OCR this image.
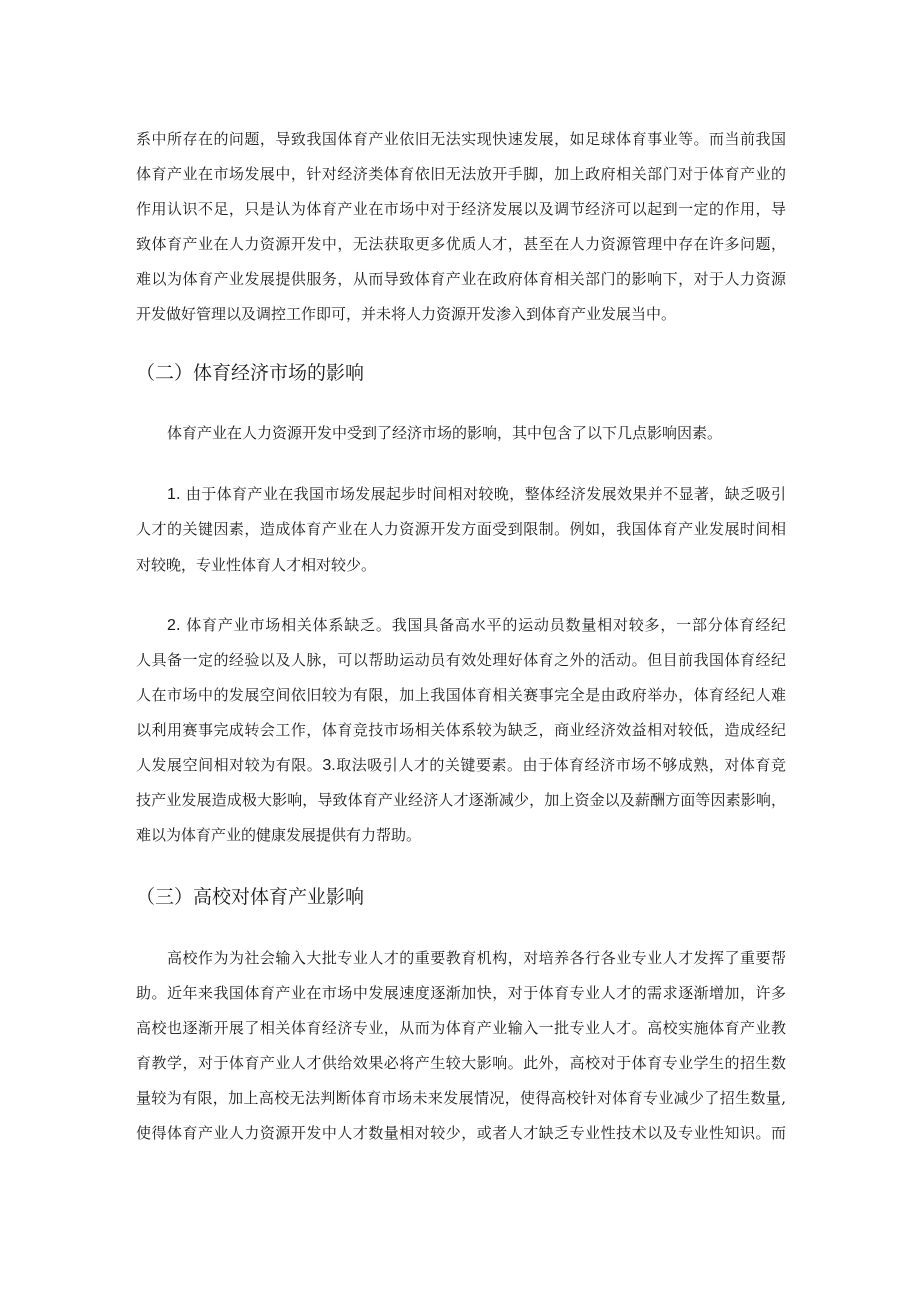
系中所存在的问题，导致我国体育产业依旧无法实现快速发展，如足球体育事业等。而当前我国
体育产业在市场发展中，针对经济类体育依旧无法放开手脚，加上政府相关部门对于体育产业的
作用认识不足，只是认为体育产业在市场中对于经济发展以及调节经济可以起到一定的作用，导
致体育产业在人力资源开发中，无法获取更多优质人才，甚至在人力资源管理中存在许多问题，
难以为体育产业发展提供服务，从而导致体育产业在政府体育相关部门的影响下，对于人力资源
开发做好管理以及调控工作即可，并未将人力资源开发渗入到体育产业发展当中。
（二）体育经济市场的影响
体育产业在人力资源开发中受到了经济市场的影响，其中包含了以下几点影响因素。
1. 由于体育产业在我国市场发展起步时间相对较晚，整体经济发展效果并不显著，缺乏吸引
人才的关键因素，造成体育产业在人力资源开发方面受到限制。例如，我国体育产业发展时间相
对较晚，专业性体育人才相对较少。
2. 体育产业市场相关体系缺乏。我国具备高水平的运动员数量相对较多，一部分体育经纪
人具备一定的经验以及人脉，可以帮助运动员有效处理好体育之外的活动。但目前我国体育经纪
人在市场中的发展空间依旧较为有限，加上我国体育相关赛事完全是由政府举办，体育经纪人难
以利用赛事完成转会工作，体育竞技市场相关体系较为缺乏，商业经济效益相对较低，造成经纪
人发展空间相对较为有限。3.取法吸引人才的关键要素。由于体育经济市场不够成熟，对体育竞
技产业发展造成极大影响，导致体育产业经济人才逐渐减少，加上资金以及薪酬方面等因素影响，
难以为体育产业的健康发展提供有力帮助。
（三）高校对体育产业影响
高校作为为社会输入大批专业人才的重要教育机构，对培养各行各业专业人才发挥了重要帮
助。近年来我国体育产业在市场中发展速度逐渐加快，对于体育专业人才的需求逐渐增加，许多
高校也逐渐开展了相关体育经济专业，从而为体育产业输入一批专业人才。高校实施体育产业教
育教学，对于体育产业人才供给效果必将产生较大影响。此外，高校对于体育专业学生的招生数
量较为有限，加上高校无法判断体育市场未来发展情况，使得高校针对体育专业减少了招生数量,
使得体育产业人力资源开发中人才数量相对较少，或者人才缺乏专业性技术以及专业性知识。而
